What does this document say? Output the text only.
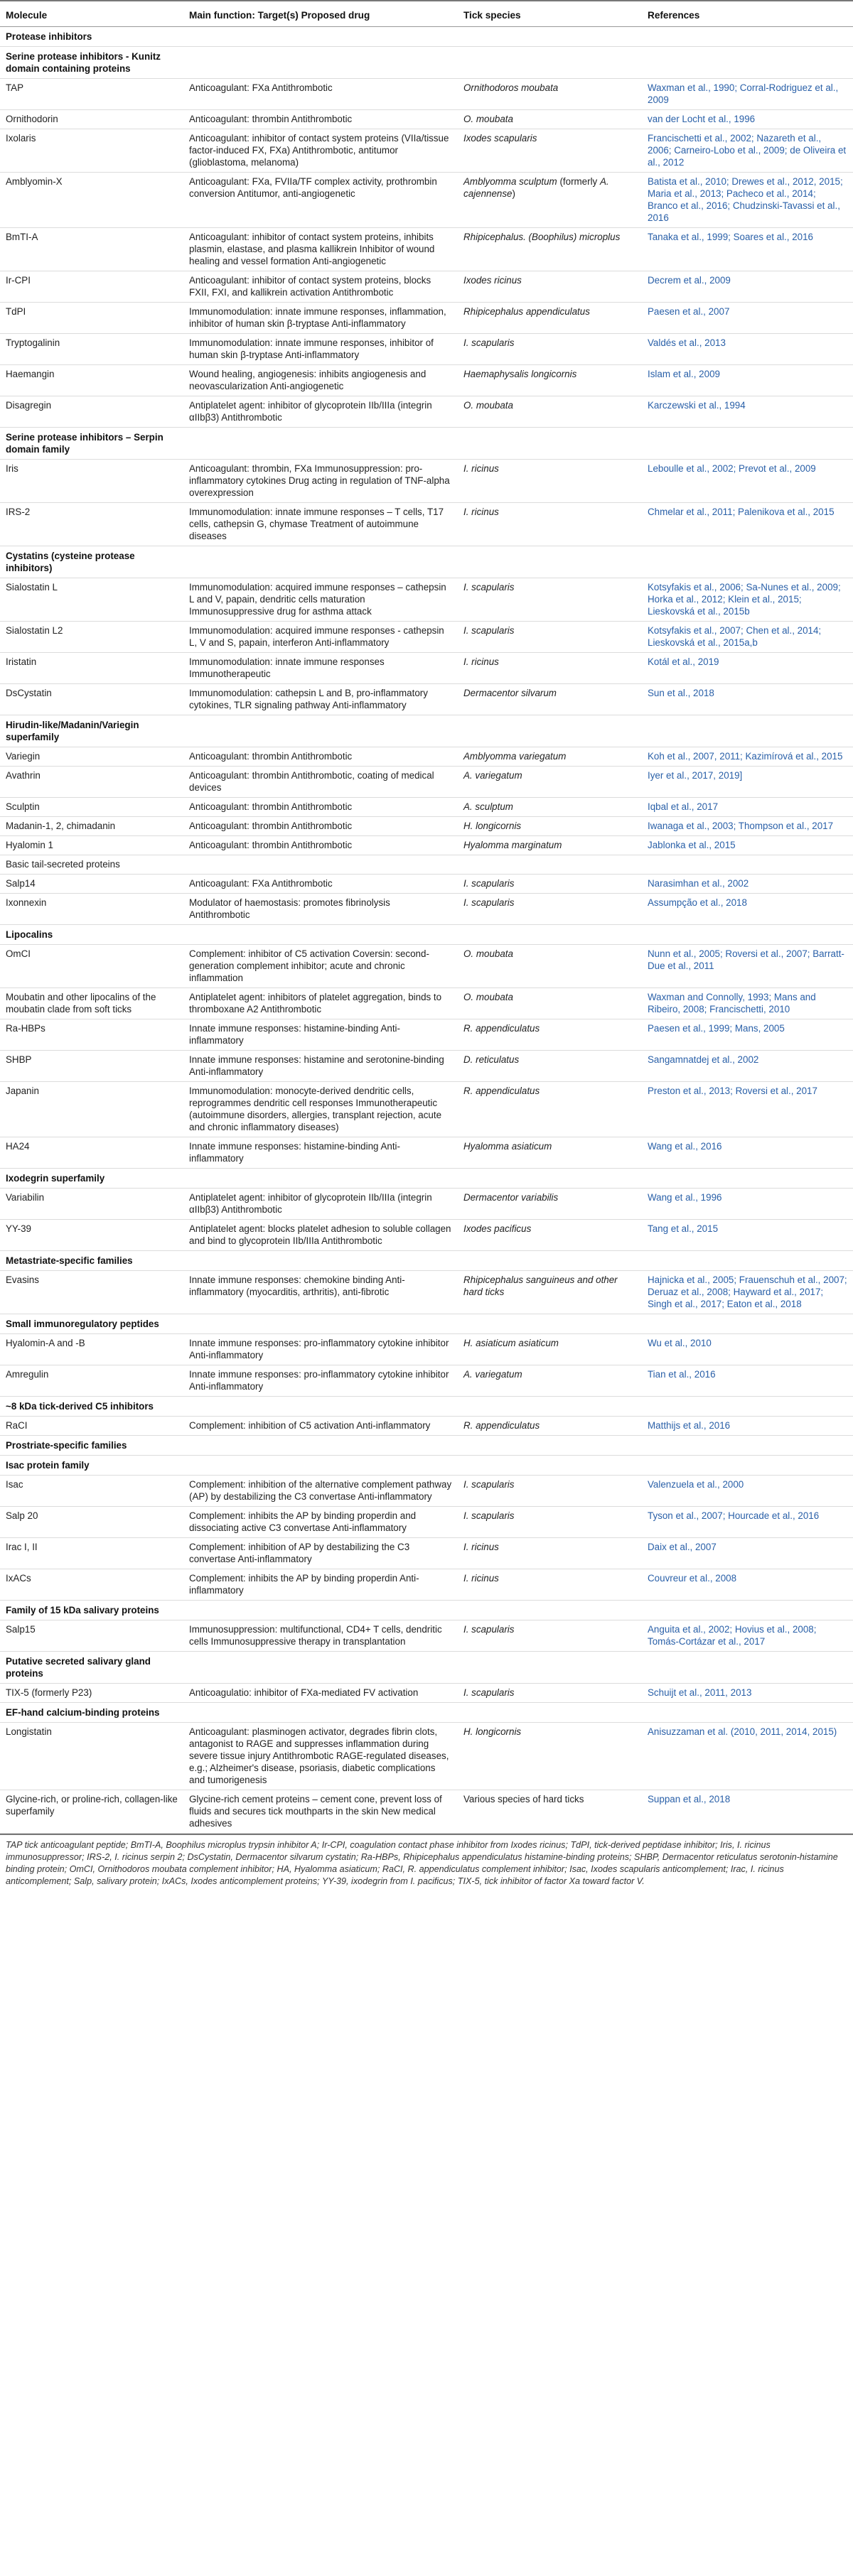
Molecule	Main function: Target(s) Proposed drug	Tick species	References
Protease inhibitors			
Serine protease inhibitors - Kunitz domain containing proteins			
TAP	Anticoagulant: FXa Antithrombotic	Ornithodoros moubata	Waxman et al., 1990; Corral-Rodriguez et al., 2009
Ornithodorin	Anticoagulant: thrombin Antithrombotic	O. moubata	van der Locht et al., 1996
Ixolaris	Anticoagulant: inhibitor of contact system proteins (VIIa/tissue factor-induced FX, FXa) Antithrombotic, antitumor (glioblastoma, melanoma)	Ixodes scapularis	Francischetti et al., 2002; Nazareth et al., 2006; Carneiro-Lobo et al., 2009; de Oliveira et al., 2012
Amblyomin-X	Anticoagulant: FXa, FVIIa/TF complex activity, prothrombin conversion Antitumor, anti-angiogenetic	Amblyomma sculptum (formerly A. cajennense)	Batista et al., 2010; Drewes et al., 2012, 2015; Maria et al., 2013; Pacheco et al., 2014; Branco et al., 2016; Chudzinski-Tavassi et al., 2016
BmTI-A	Anticoagulant: inhibitor of contact system proteins, inhibits plasmin, elastase, and plasma kallikrein Inhibitor of wound healing and vessel formation Anti-angiogenetic	Rhipicephalus. (Boophilus) microplus	Tanaka et al., 1999; Soares et al., 2016
Ir-CPI	Anticoagulant: inhibitor of contact system proteins, blocks FXII, FXI, and kallikrein activation Antithrombotic	Ixodes ricinus	Decrem et al., 2009
TdPI	Immunomodulation: innate immune responses, inflammation, inhibitor of human skin β-tryptase Anti-inflammatory	Rhipicephalus appendiculatus	Paesen et al., 2007
Tryptogalinin	Immunomodulation: innate immune responses, inhibitor of human skin β-tryptase Anti-inflammatory	I. scapularis	Valdés et al., 2013
Haemangin	Wound healing, angiogenesis: inhibits angiogenesis and neovascularization Anti-angiogenetic	Haemaphysalis longicornis	Islam et al., 2009
Disagregin	Antiplatelet agent: inhibitor of glycoprotein IIb/IIIa (integrin αIIbβ3) Antithrombotic	O. moubata	Karczewski et al., 1994
Serine protease inhibitors – Serpin domain family			
Iris	Anticoagulant: thrombin, FXa Immunosuppression: pro-inflammatory cytokines Drug acting in regulation of TNF-alpha overexpression	I. ricinus	Leboulle et al., 2002; Prevot et al., 2009
IRS-2	Immunomodulation: innate immune responses – T cells, T17 cells, cathepsin G, chymase Treatment of autoimmune diseases	I. ricinus	Chmelar et al., 2011; Palenikova et al., 2015
Cystatins (cysteine protease inhibitors)			
Sialostatin L	Immunomodulation: acquired immune responses – cathepsin L and V, papain, dendritic cells maturation Immunosuppressive drug for asthma attack	I. scapularis	Kotsyfakis et al., 2006; Sa-Nunes et al., 2009; Horka et al., 2012; Klein et al., 2015; Lieskovská et al., 2015b
Sialostatin L2	Immunomodulation: acquired immune responses - cathepsin L, V and S, papain, interferon Anti-inflammatory	I. scapularis	Kotsyfakis et al., 2007; Chen et al., 2014; Lieskovská et al., 2015a,b
Iristatin	Immunomodulation: innate immune responses Immunotherapeutic	I. ricinus	Kotál et al., 2019
DsCystatin	Immunomodulation: cathepsin L and B, pro-inflammatory cytokines, TLR signaling pathway Anti-inflammatory	Dermacentor silvarum	Sun et al., 2018
Hirudin-like/Madanin/Variegin superfamily			
Variegin	Anticoagulant: thrombin Antithrombotic	Amblyomma variegatum	Koh et al., 2007, 2011; Kazimírová et al., 2015
Avathrin	Anticoagulant: thrombin Antithrombotic, coating of medical devices	A. variegatum	Iyer et al., 2017, 2019]
Sculptin	Anticoagulant: thrombin Antithrombotic	A. sculptum	Iqbal et al., 2017
Madanin-1, 2, chimadanin	Anticoagulant: thrombin Antithrombotic	H. longicornis	Iwanaga et al., 2003; Thompson et al., 2017
Hyalomin 1	Anticoagulant: thrombin Antithrombotic	Hyalomma marginatum	Jablonka et al., 2015
Basic tail-secreted proteins			
Salp14	Anticoagulant: FXa Antithrombotic	I. scapularis	Narasimhan et al., 2002
Ixonnexin	Modulator of haemostasis: promotes fibrinolysis Antithrombotic	I. scapularis	Assumpção et al., 2018
Lipocalins			
OmCI	Complement: inhibitor of C5 activation Coversin: second-generation complement inhibitor; acute and chronic inflammation	O. moubata	Nunn et al., 2005; Roversi et al., 2007; Barratt-Due et al., 2011
Moubatin and other lipocalins of the moubatin clade from soft ticks	Antiplatelet agent: inhibitors of platelet aggregation, binds to thromboxane A2 Antithrombotic	O. moubata	Waxman and Connolly, 1993; Mans and Ribeiro, 2008; Francischetti, 2010
Ra-HBPs	Innate immune responses: histamine-binding Anti-inflammatory	R. appendiculatus	Paesen et al., 1999; Mans, 2005
SHBP	Innate immune responses: histamine and serotonine-binding Anti-inflammatory	D. reticulatus	Sangamnatdej et al., 2002
Japanin	Immunomodulation: monocyte-derived dendritic cells, reprogrammes dendritic cell responses Immunotherapeutic (autoimmune disorders, allergies, transplant rejection, acute and chronic inflammatory diseases)	R. appendiculatus	Preston et al., 2013; Roversi et al., 2017
HA24	Innate immune responses: histamine-binding Anti-inflammatory	Hyalomma asiaticum	Wang et al., 2016
Ixodegrin superfamily			
Variabilin	Antiplatelet agent: inhibitor of glycoprotein IIb/IIIa (integrin αIIbβ3) Antithrombotic	Dermacentor variabilis	Wang et al., 1996
YY-39	Antiplatelet agent: blocks platelet adhesion to soluble collagen and bind to glycoprotein IIb/IIIa Antithrombotic	Ixodes pacificus	Tang et al., 2015
Metastriate-specific families			
Evasins	Innate immune responses: chemokine binding Anti-inflammatory (myocarditis, arthritis), anti-fibrotic	Rhipicephalus sanguineus and other hard ticks	Hajnicka et al., 2005; Frauenschuh et al., 2007; Deruaz et al., 2008; Hayward et al., 2017; Singh et al., 2017; Eaton et al., 2018
Small immunoregulatory peptides			
Hyalomin-A and -B	Innate immune responses: pro-inflammatory cytokine inhibitor Anti-inflammatory	H. asiaticum asiaticum	Wu et al., 2010
Amregulin	Innate immune responses: pro-inflammatory cytokine inhibitor Anti-inflammatory	A. variegatum	Tian et al., 2016
~8 kDa tick-derived C5 inhibitors			
RaCI	Complement: inhibition of C5 activation Anti-inflammatory	R. appendiculatus	Matthijs et al., 2016
Prostriate-specific families			
Isac protein family			
Isac	Complement: inhibition of the alternative complement pathway (AP) by destabilizing the C3 convertase Anti-inflammatory	I. scapularis	Valenzuela et al., 2000
Salp 20	Complement: inhibits the AP by binding properdin and dissociating active C3 convertase Anti-inflammatory	I. scapularis	Tyson et al., 2007; Hourcade et al., 2016
Irac I, II	Complement: inhibition of AP by destabilizing the C3 convertase Anti-inflammatory	I. ricinus	Daix et al., 2007
IxACs	Complement: inhibits the AP by binding properdin Anti-inflammatory	I. ricinus	Couvreur et al., 2008
Family of 15 kDa salivary proteins			
Salp15	Immunosuppression: multifunctional, CD4+ T cells, dendritic cells Immunosuppressive therapy in transplantation	I. scapularis	Anguita et al., 2002; Hovius et al., 2008; Tomás-Cortázar et al., 2017
Putative secreted salivary gland proteins			
TIX-5 (formerly P23)	Anticoagulatio: inhibitor of FXa-mediated FV activation	I. scapularis	Schuijt et al., 2011, 2013
EF-hand calcium-binding proteins			
Longistatin	Anticoagulant: plasminogen activator, degrades fibrin clots, antagonist to RAGE and suppresses inflammation during severe tissue injury Antithrombotic RAGE-regulated diseases, e.g.; Alzheimer's disease, psoriasis, diabetic complications and tumorigenesis	H. longicornis	Anisuzzaman et al. (2010, 2011, 2014, 2015)
Glycine-rich, or proline-rich, collagen-like superfamily	Glycine-rich cement proteins – cement cone, prevent loss of fluids and secures tick mouthparts in the skin New medical adhesives	Various species of hard ticks	Suppan et al., 2018
TAP tick anticoagulant peptide; BmTI-A, Boophilus microplus trypsin inhibitor A; Ir-CPI, coagulation contact phase inhibitor from Ixodes ricinus; TdPI, tick-derived peptidase inhibitor; Iris, I. ricinus immunosuppressor; IRS-2, I. ricinus serpin 2; DsCystatin, Dermacentor silvarum cystatin; Ra-HBPs, Rhipicephalus appendiculatus histamine-binding proteins; SHBP, Dermacentor reticulatus serotonin-histamine binding protein; OmCI, Ornithodoros moubata complement inhibitor; HA, Hyalomma asiaticum; RaCI, R. appendiculatus complement inhibitor; Isac, Ixodes scapularis anticomplement; Irac, I. ricinus anticomplement; Salp, salivary protein; IxACs, Ixodes anticomplement proteins; YY-39, ixodegrin from I. pacificus; TIX-5, tick inhibitor of factor Xa toward factor V.
